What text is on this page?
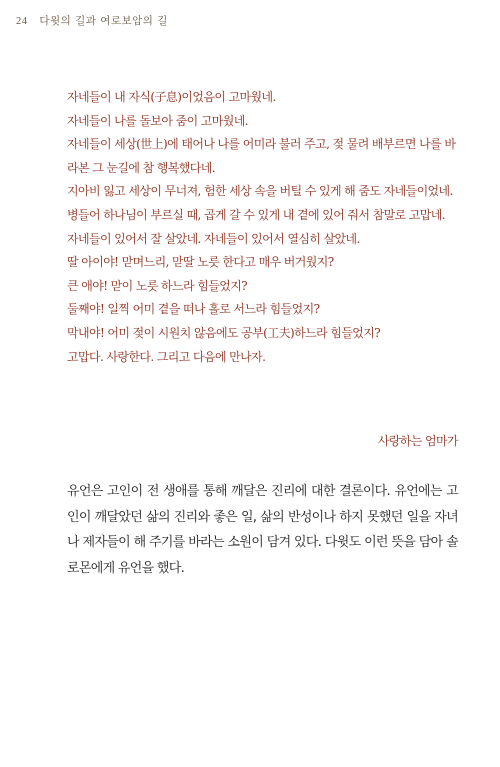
24 다윗의 길과 여로보암의 길

자네들이 내 자식(子息)이었음이 고마웠네.

자네들이 나를 돌보아 줌이 고마웠네.

자네들이 세상(世上)에 태어나 나를 어미라 불러 주고, 젖 물려 배부르면 나를 바라본 그 눈길에 참 행복했다네.

지아비 잃고 세상이 무너져, 험한 세상 속을 버틸 수 있게 해 줌도 자네들이었네.

병들어 하나님이 부르실 때, 곱게 갈 수 있게 내 곁에 있어 줘서 참말로 고맙네.

자네들이 있어서 잘 살았네. 자네들이 있어서 열심히 살았네.

딸 아이야! 맏며느리, 맏딸 노릇 한다고 매우 버거웠지?

큰 애야! 맏이 노릇 하느라 힘들었지?

둘째야! 일찍 어미 곁을 떠나 홀로 서느라 힘들었지?

막내야! 어미 젖이 시원치 않음에도 공부(工夫)하느라 힘들었지?

고맙다. 사랑한다. 그리고 다음에 만나자.

사랑하는 엄마가

유언은 고인이 전 생애를 통해 깨달은 진리에 대한 결론이다. 유언에는 고인이 깨달았던 삶의 진리와 좋은 일, 삶의 반성이나 하지 못했던 일을 자녀나 제자들이 해 주기를 바라는 소원이 담겨 있다. 다윗도 이런 뜻을 담아 솔로몬에게 유언을 했다.
